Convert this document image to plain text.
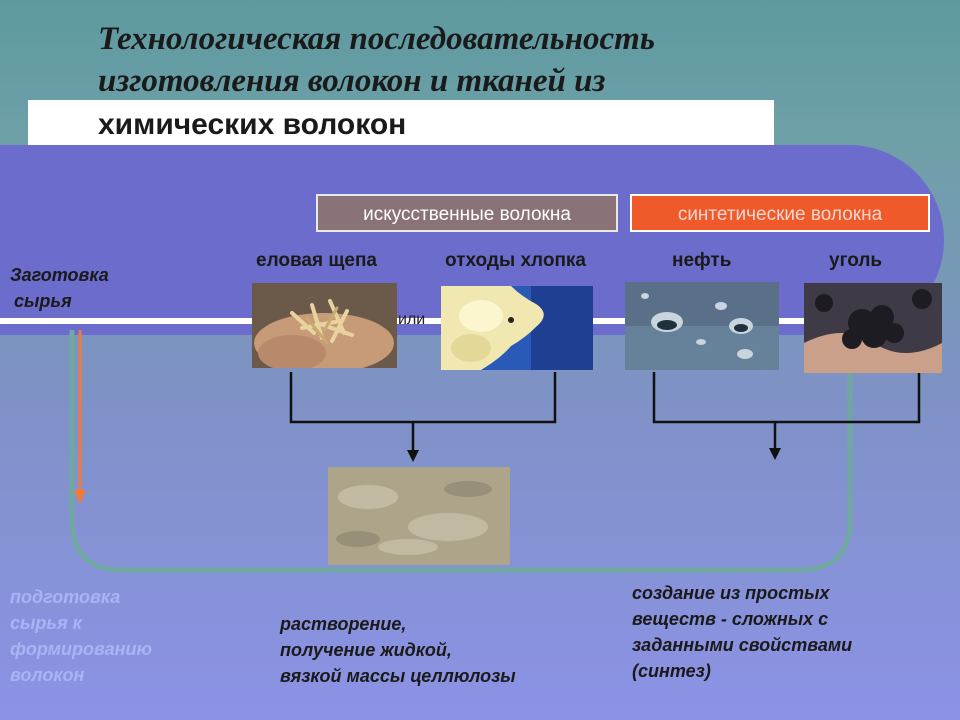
Технологическая последовательность
изготовления волокон и тканей из
химических волокон
искусственные волокна	синтетические волокна
еловая щепа	отходы хлопка	нефть	уголь
Заготовка
сырья
подготовка
сырья к
формированию
волокон
или
растворение,
получение жидкой,
вязкой массы целлюлозы
создание из простых
веществ - сложных с
заданными свойствами
(синтез)
